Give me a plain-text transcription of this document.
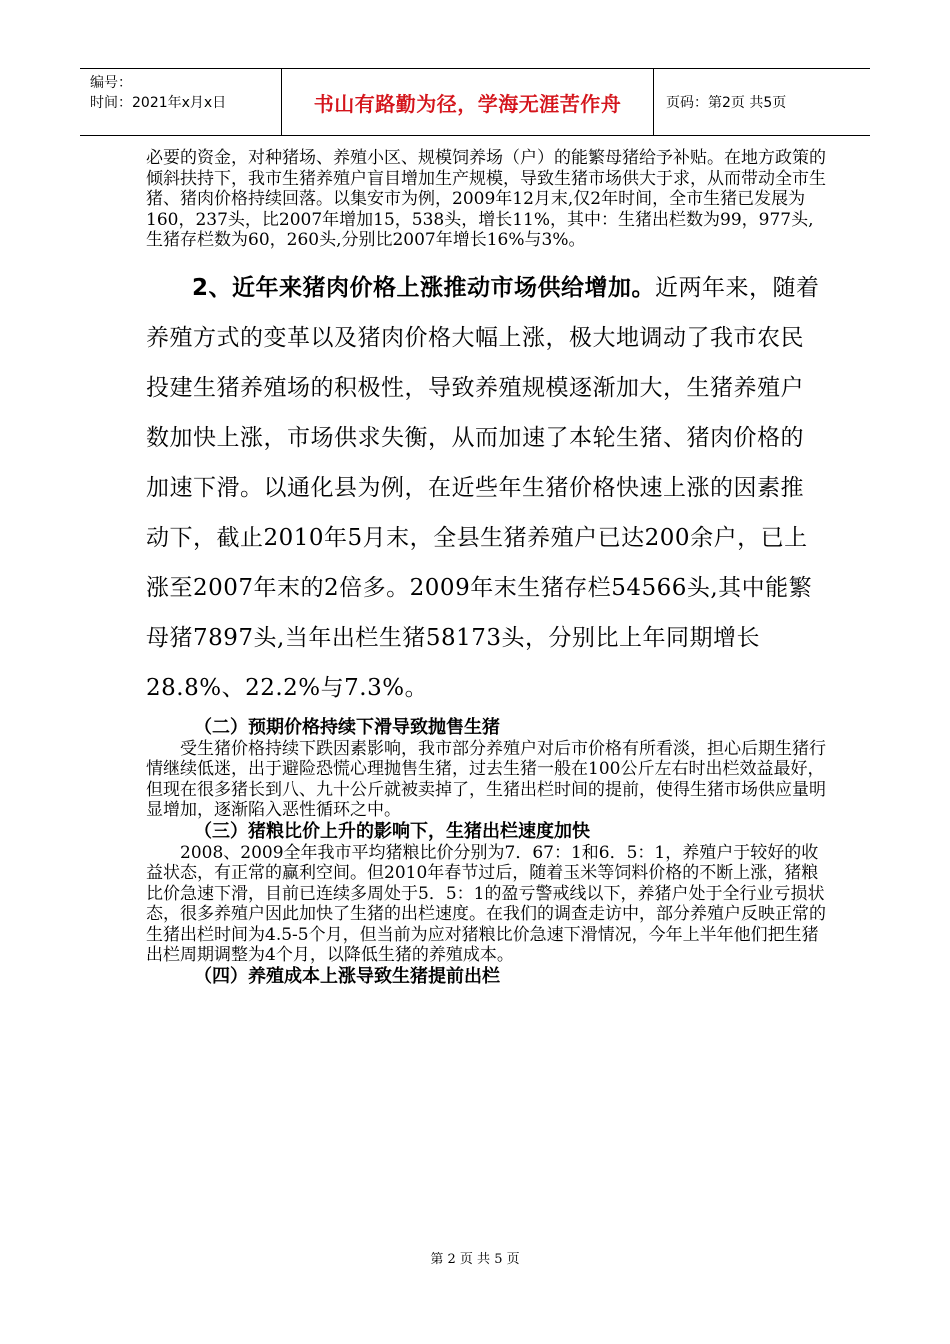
编号：
时间：2021年x月x日	书山有路勤为径，学海无涯苦作舟	页码：第2页 共5页

必要的资金，对种猪场、养殖小区、规模饲养场（户）的能繁母猪给予补贴。在地方政策的倾斜扶持下，我市生猪养殖户盲目增加生产规模，导致生猪市场供大于求，从而带动全市生猪、猪肉价格持续回落。以集安市为例，2009年12月末,仅2年时间，全市生猪已发展为160，237头，比2007年增加15，538头，增长11%，其中：生猪出栏数为99，977头,生猪存栏数为60，260头,分别比2007年增长16%与3%。

2、近年来猪肉价格上涨推动市场供给增加。近两年来，随着养殖方式的变革以及猪肉价格大幅上涨，极大地调动了我市农民投建生猪养殖场的积极性，导致养殖规模逐渐加大，生猪养殖户数加快上涨，市场供求失衡，从而加速了本轮生猪、猪肉价格的加速下滑。以通化县为例，在近些年生猪价格快速上涨的因素推动下，截止2010年5月末，全县生猪养殖户已达200余户，已上涨至2007年末的2倍多。2009年末生猪存栏54566头,其中能繁母猪7897头,当年出栏生猪58173头，分别比上年同期增长28.8%、22.2%与7.3%。

（二）预期价格持续下滑导致抛售生猪

受生猪价格持续下跌因素影响，我市部分养殖户对后市价格有所看淡，担心后期生猪行情继续低迷，出于避险恐慌心理抛售生猪，过去生猪一般在100公斤左右时出栏效益最好，但现在很多猪长到八、九十公斤就被卖掉了，生猪出栏时间的提前，使得生猪市场供应量明显增加，逐渐陷入恶性循环之中。

（三）猪粮比价上升的影响下，生猪出栏速度加快

2008、2009全年我市平均猪粮比价分别为7．67：1和6．5：1，养殖户于较好的收益状态，有正常的赢利空间。但2010年春节过后，随着玉米等饲料价格的不断上涨，猪粮比价急速下滑，目前已连续多周处于5．5：1的盈亏警戒线以下，养猪户处于全行业亏损状态，很多养殖户因此加快了生猪的出栏速度。在我们的调查走访中，部分养殖户反映正常的生猪出栏时间为4.5-5个月，但当前为应对猪粮比价急速下滑情况，今年上半年他们把生猪出栏周期调整为4个月，以降低生猪的养殖成本。

（四）养殖成本上涨导致生猪提前出栏

第 2 页 共 5 页
